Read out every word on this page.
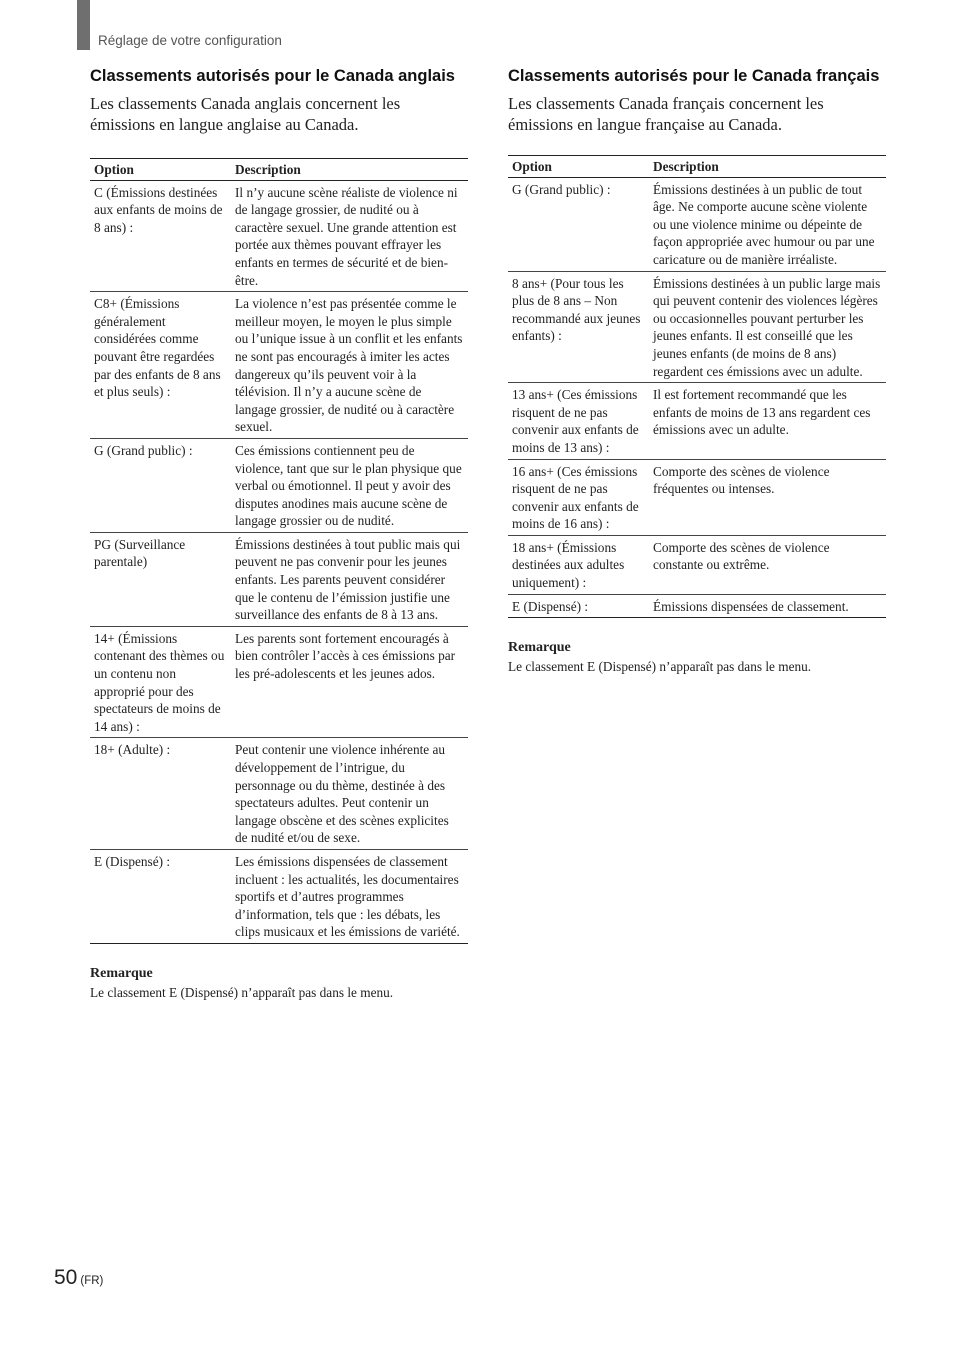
Réglage de votre configuration
Classements autorisés pour le Canada anglais

Les classements Canada anglais concernent les émissions en langue anglaise au Canada.

Option	Description
C (Émissions destinées aux enfants de moins de 8 ans) :	Il n’y aucune scène réaliste de violence ni de langage grossier, de nudité ou à caractère sexuel. Une grande attention est portée aux thèmes pouvant effrayer les enfants en termes de sécurité et de bien-être.
C8+ (Émissions généralement considérées comme pouvant être regardées par des enfants de 8 ans et plus seuls) :	La violence n’est pas présentée comme le meilleur moyen, le moyen le plus simple ou l’unique issue à un conflit et les enfants ne sont pas encouragés à imiter les actes dangereux qu’ils peuvent voir à la télévision. Il n’y a aucune scène de langage grossier, de nudité ou à caractère sexuel.
G (Grand public) :	Ces émissions contiennent peu de violence, tant que sur le plan physique que verbal ou émotionnel. Il peut y avoir des disputes anodines mais aucune scène de langage grossier ou de nudité.
PG (Surveillance parentale)	Émissions destinées à tout public mais qui peuvent ne pas convenir pour les jeunes enfants. Les parents peuvent considérer que le contenu de l’émission justifie une surveillance des enfants de 8 à 13 ans.
14+ (Émissions contenant des thèmes ou un contenu non approprié pour des spectateurs de moins de 14 ans) :	Les parents sont fortement encouragés à bien contrôler l’accès à ces émissions par les pré-adolescents et les jeunes ados.
18+ (Adulte) :	Peut contenir une violence inhérente au développement de l’intrigue, du personnage ou du thème, destinée à des spectateurs adultes. Peut contenir un langage obscène et des scènes explicites de nudité et/ou de sexe.
E (Dispensé) :	Les émissions dispensées de classement incluent : les actualités, les documentaires sportifs et d’autres programmes d’information, tels que : les débats, les clips musicaux et les émissions de variété.
Remarque
Le classement E (Dispensé) n’apparaît pas dans le menu.
Classements autorisés pour le Canada français

Les classements Canada français concernent les émissions en langue française au Canada.

Option	Description
G (Grand public) :	Émissions destinées à un public de tout âge. Ne comporte aucune scène violente ou une violence minime ou dépeinte de façon appropriée avec humour ou par une caricature ou de manière irréaliste.
8 ans+ (Pour tous les plus de 8 ans – Non recommandé aux jeunes enfants) :	Émissions destinées à un public large mais qui peuvent contenir des violences légères ou occasionnelles pouvant perturber les jeunes enfants. Il est conseillé que les jeunes enfants (de moins de 8 ans) regardent ces émissions avec un adulte.
13 ans+ (Ces émissions risquent de ne pas convenir aux enfants de moins de 13 ans) :	Il est fortement recommandé que les enfants de moins de 13 ans regardent ces émissions avec un adulte.
16 ans+ (Ces émissions risquent de ne pas convenir aux enfants de moins de 16 ans) :	Comporte des scènes de violence fréquentes ou intenses.
18 ans+ (Émissions destinées aux adultes uniquement) :	Comporte des scènes de violence constante ou extrême.
E (Dispensé) :	Émissions dispensées de classement.
Remarque
Le classement E (Dispensé) n’apparaît pas dans le menu.
50 (FR)
